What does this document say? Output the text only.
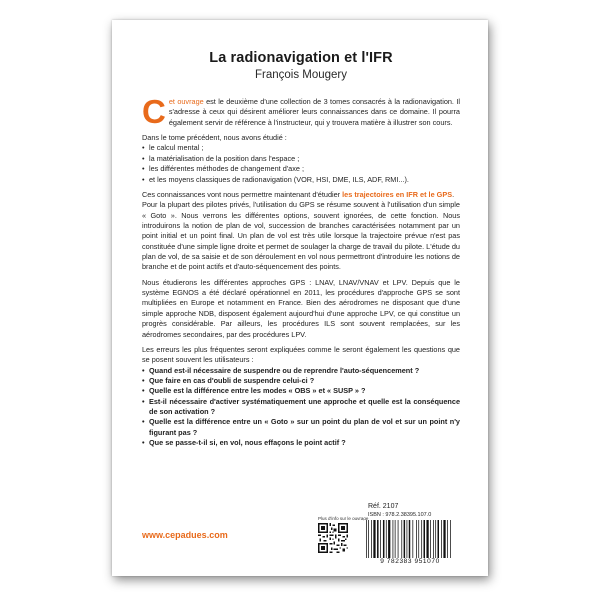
La radionavigation et l'IFR
François Mougery

Cet ouvrage est le deuxième d'une collection de 3 tomes consacrés à la radionavigation. Il s'adresse à ceux qui désirent améliorer leurs connaissances dans ce domaine. Il pourra également servir de référence à l'instructeur, qui y trouvera matière à illustrer son cours.

Dans le tome précédent, nous avons étudié :
• le calcul mental ;
• la matérialisation de la position dans l'espace ;
• les différentes méthodes de changement d'axe ;
• et les moyens classiques de radionavigation (VOR, HSI, DME, ILS, ADF, RMI...).

Ces connaissances vont nous permettre maintenant d'étudier les trajectoires en IFR et le GPS.

Pour la plupart des pilotes privés, l'utilisation du GPS se résume souvent à l'utilisation d'un simple « Goto ». Nous verrons les différentes options, souvent ignorées, de cette fonction. Nous introduirons la notion de plan de vol, succession de branches caractérisées notamment par un point initial et un point final. Un plan de vol est très utile lorsque la trajectoire prévue n'est pas constituée d'une simple ligne droite et permet de soulager la charge de travail du pilote. L'étude du plan de vol, de sa saisie et de son déroulement en vol nous permettront d'introduire les notions de branche et de point actifs et d'auto-séquencement des points.

Nous étudierons les différentes approches GPS : LNAV, LNAV/VNAV et LPV. Depuis que le système EGNOS a été déclaré opérationnel en 2011, les procédures d'approche GPS se sont multipliées en Europe et notamment en France. Bien des aérodromes ne disposant que d'une simple approche NDB, disposent également aujourd'hui d'une approche LPV, ce qui constitue un progrès considérable. Par ailleurs, les procédures ILS sont souvent remplacées, sur les aérodromes secondaires, par des procédures LPV.

Les erreurs les plus fréquentes seront expliquées comme le seront également les questions que se posent souvent les utilisateurs :

• Quand est-il nécessaire de suspendre ou de reprendre l'auto-séquencement ?
• Que faire en cas d'oubli de suspendre celui-ci ?
• Quelle est la différence entre les modes « OBS » et « SUSP » ?
• Est-il nécessaire d'activer systématiquement une approche et quelle est la conséquence de son activation ?
• Quelle est la différence entre un « Goto » sur un point du plan de vol et sur un point n'y figurant pas ?
• Que se passe-t-il si, en vol, nous effaçons le point actif ?
www.cepadues.com
Plus d'info sur le ouvrage
Réf. 2107
ISBN : 978.2.38395.107.0
9 782383 951070
